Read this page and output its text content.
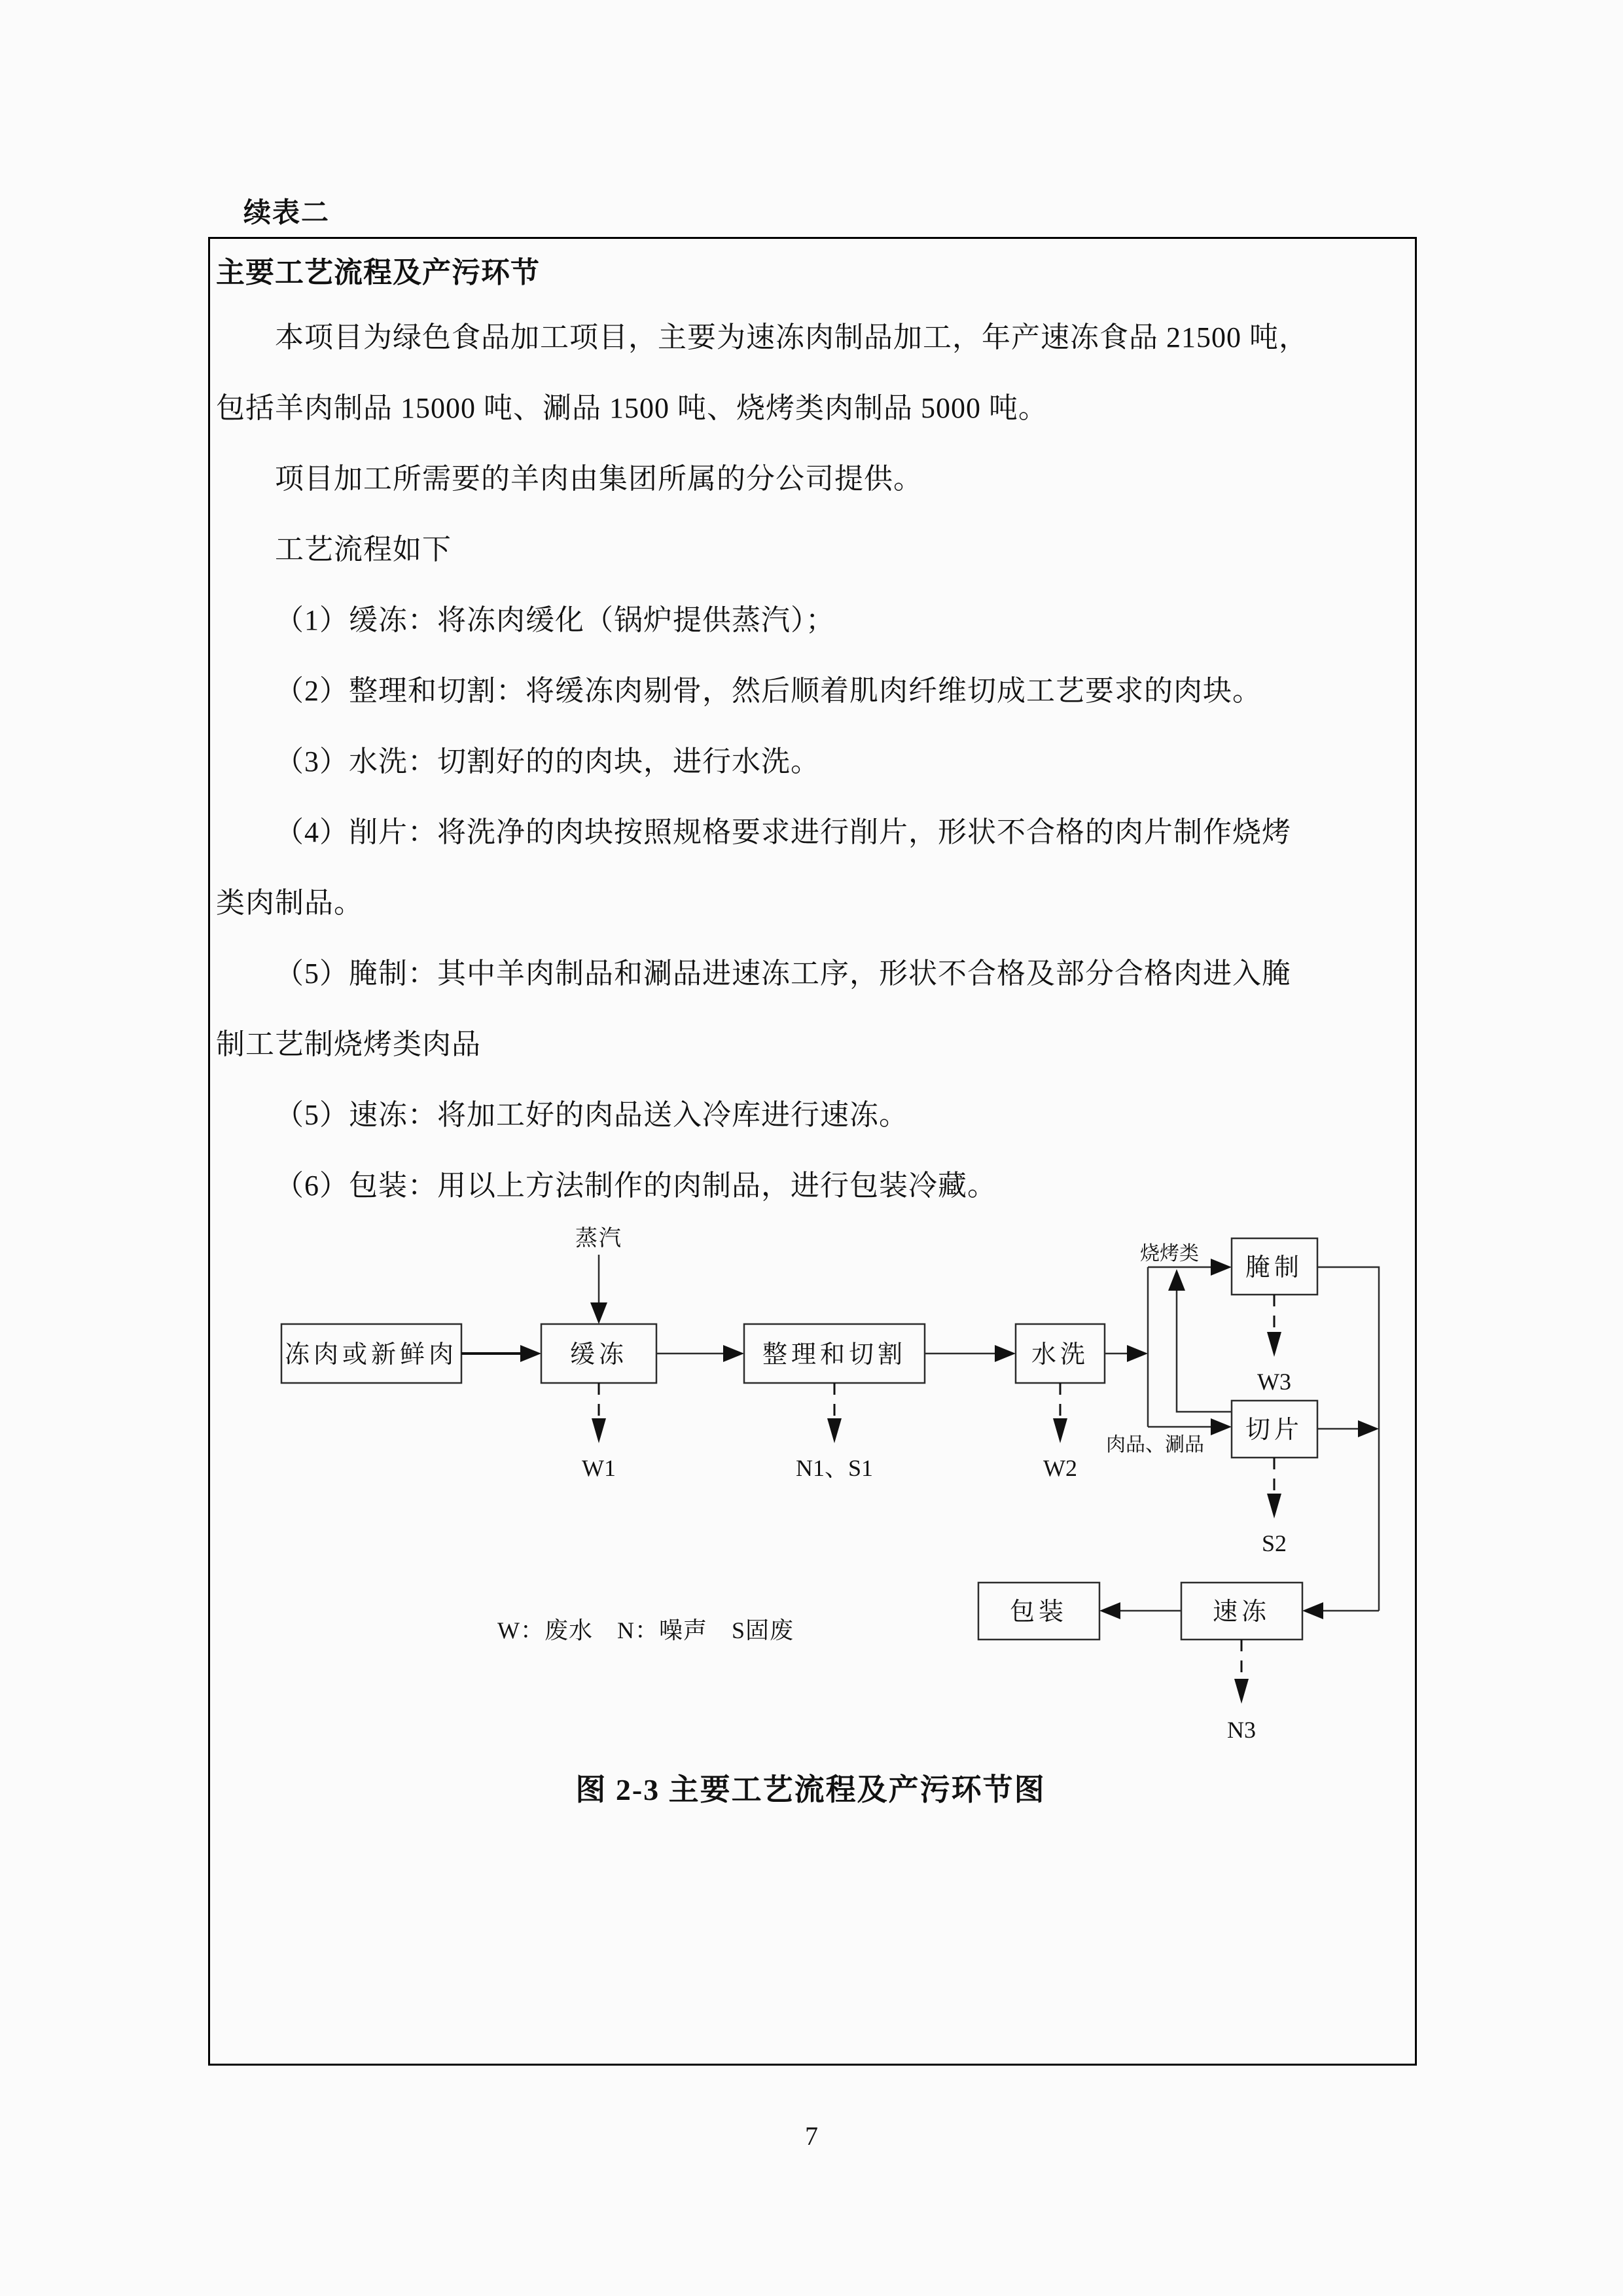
续表二
主要工艺流程及产污环节
本项目为绿色食品加工项目，主要为速冻肉制品加工，年产速冻食品 21500 吨，
包括羊肉制品 15000 吨、涮品 1500 吨、烧烤类肉制品 5000 吨。
项目加工所需要的羊肉由集团所属的分公司提供。
工艺流程如下
（1）缓冻：将冻肉缓化（锅炉提供蒸汽）；
（2）整理和切割：将缓冻肉剔骨，然后顺着肌肉纤维切成工艺要求的肉块。
（3）水洗：切割好的的肉块，进行水洗。
（4）削片：将洗净的肉块按照规格要求进行削片，形状不合格的肉片制作烧烤
类肉制品。
（5）腌制：其中羊肉制品和涮品进速冻工序，形状不合格及部分合格肉进入腌
制工艺制烧烤类肉品
（5）速冻：将加工好的肉品送入冷库进行速冻。
（6）包装：用以上方法制作的肉制品，进行包装冷藏。
蒸汽
冻肉或新鲜肉	缓冻	整理和切割	水洗
烧烤类
肉品、涮品
腌制
切片
速冻
包装
W1	N1、S1	W2
W3
S2
N3
W：废水　N：噪声　S固废
图 2-3 主要工艺流程及产污环节图
7
